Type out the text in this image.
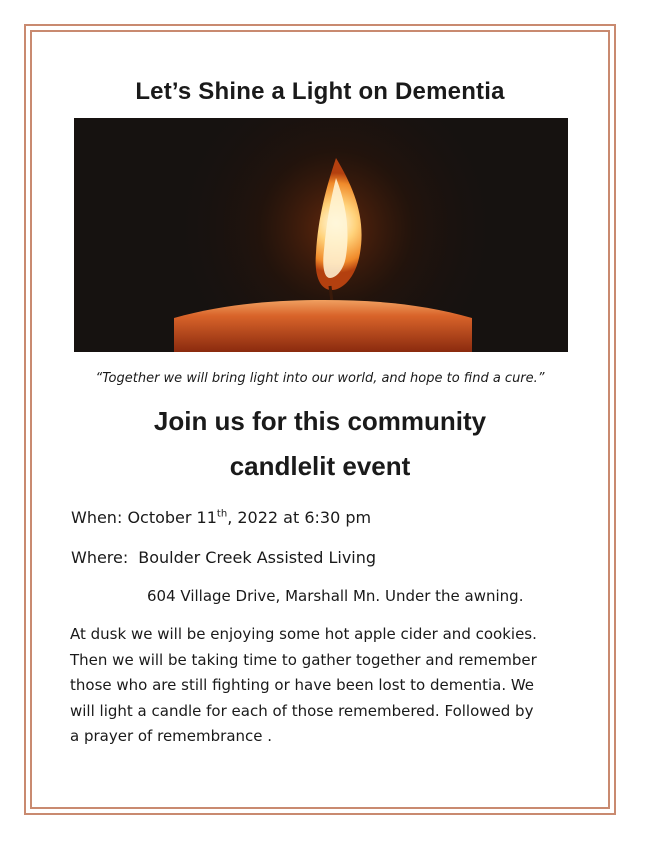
Let’s Shine a Light on Dementia
“Together we will bring light into our world, and hope to find a cure.”
Join us for this community
candlelit event
When: October 11th, 2022 at 6:30 pm
Where: Boulder Creek Assisted Living
604 Village Drive, Marshall Mn. Under the awning.

At dusk we will be enjoying some hot apple cider and cookies.

Then we will be taking time to gather together and remember

those who are still fighting or have been lost to dementia. We

will light a candle for each of those remembered. Followed by

a prayer of remembrance .
